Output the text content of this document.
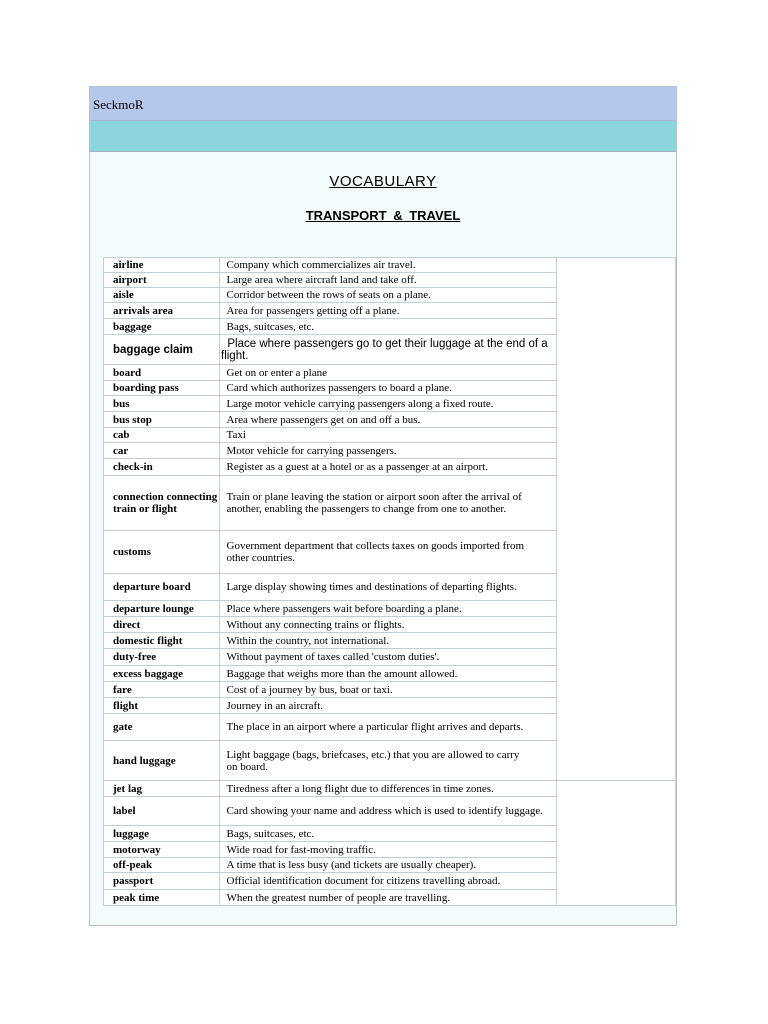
SeckmoR
VOCABULARY
TRANSPORT & TRAVEL
airline	Company which commercializes air travel.	
airport	Large area where aircraft land and take off.	
aisle	Corridor between the rows of seats on a plane.	
arrivals area	Area for passengers getting off a plane.	
baggage	Bags, suitcases, etc.	
baggage claim	Place where passengers go to get their luggage at the end of a flight.	
board	Get on or enter a plane	
boarding pass	Card which authorizes passengers to board a plane.	
bus	Large motor vehicle carrying passengers along a fixed route.	
bus stop	Area where passengers get on and off a bus.	
cab	Taxi	
car	Motor vehicle for carrying passengers.	
check-in	Register as a guest at a hotel or as a passenger at an airport.	
connection connecting train or flight	Train or plane leaving the station or airport soon after the arrival of
another, enabling the passengers to change from one to another.	
customs	Government department that collects taxes on goods imported from
other countries.	
departure board	Large display showing times and destinations of departing flights.	
departure lounge	Place where passengers wait before boarding a plane.	
direct	Without any connecting trains or flights.	
domestic flight	Within the country, not international.	
duty-free	Without payment of taxes called 'custom duties'.	
excess baggage	Baggage that weighs more than the amount allowed.	
fare	Cost of a journey by bus, boat or taxi.	
flight	Journey in an aircraft.	
gate	The place in an airport where a particular flight arrives and departs.	
hand luggage	Light baggage (bags, briefcases, etc.) that you are allowed to carry
on board.	
jet lag	Tiredness after a long flight due to differences in time zones.	
label	Card showing your name and address which is used to identify luggage.	
luggage	Bags, suitcases, etc.	
motorway	Wide road for fast-moving traffic.	
off-peak	A time that is less busy (and tickets are usually cheaper).	
passport	Official identification document for citizens travelling abroad.	
peak time	When the greatest number of people are travelling.	
